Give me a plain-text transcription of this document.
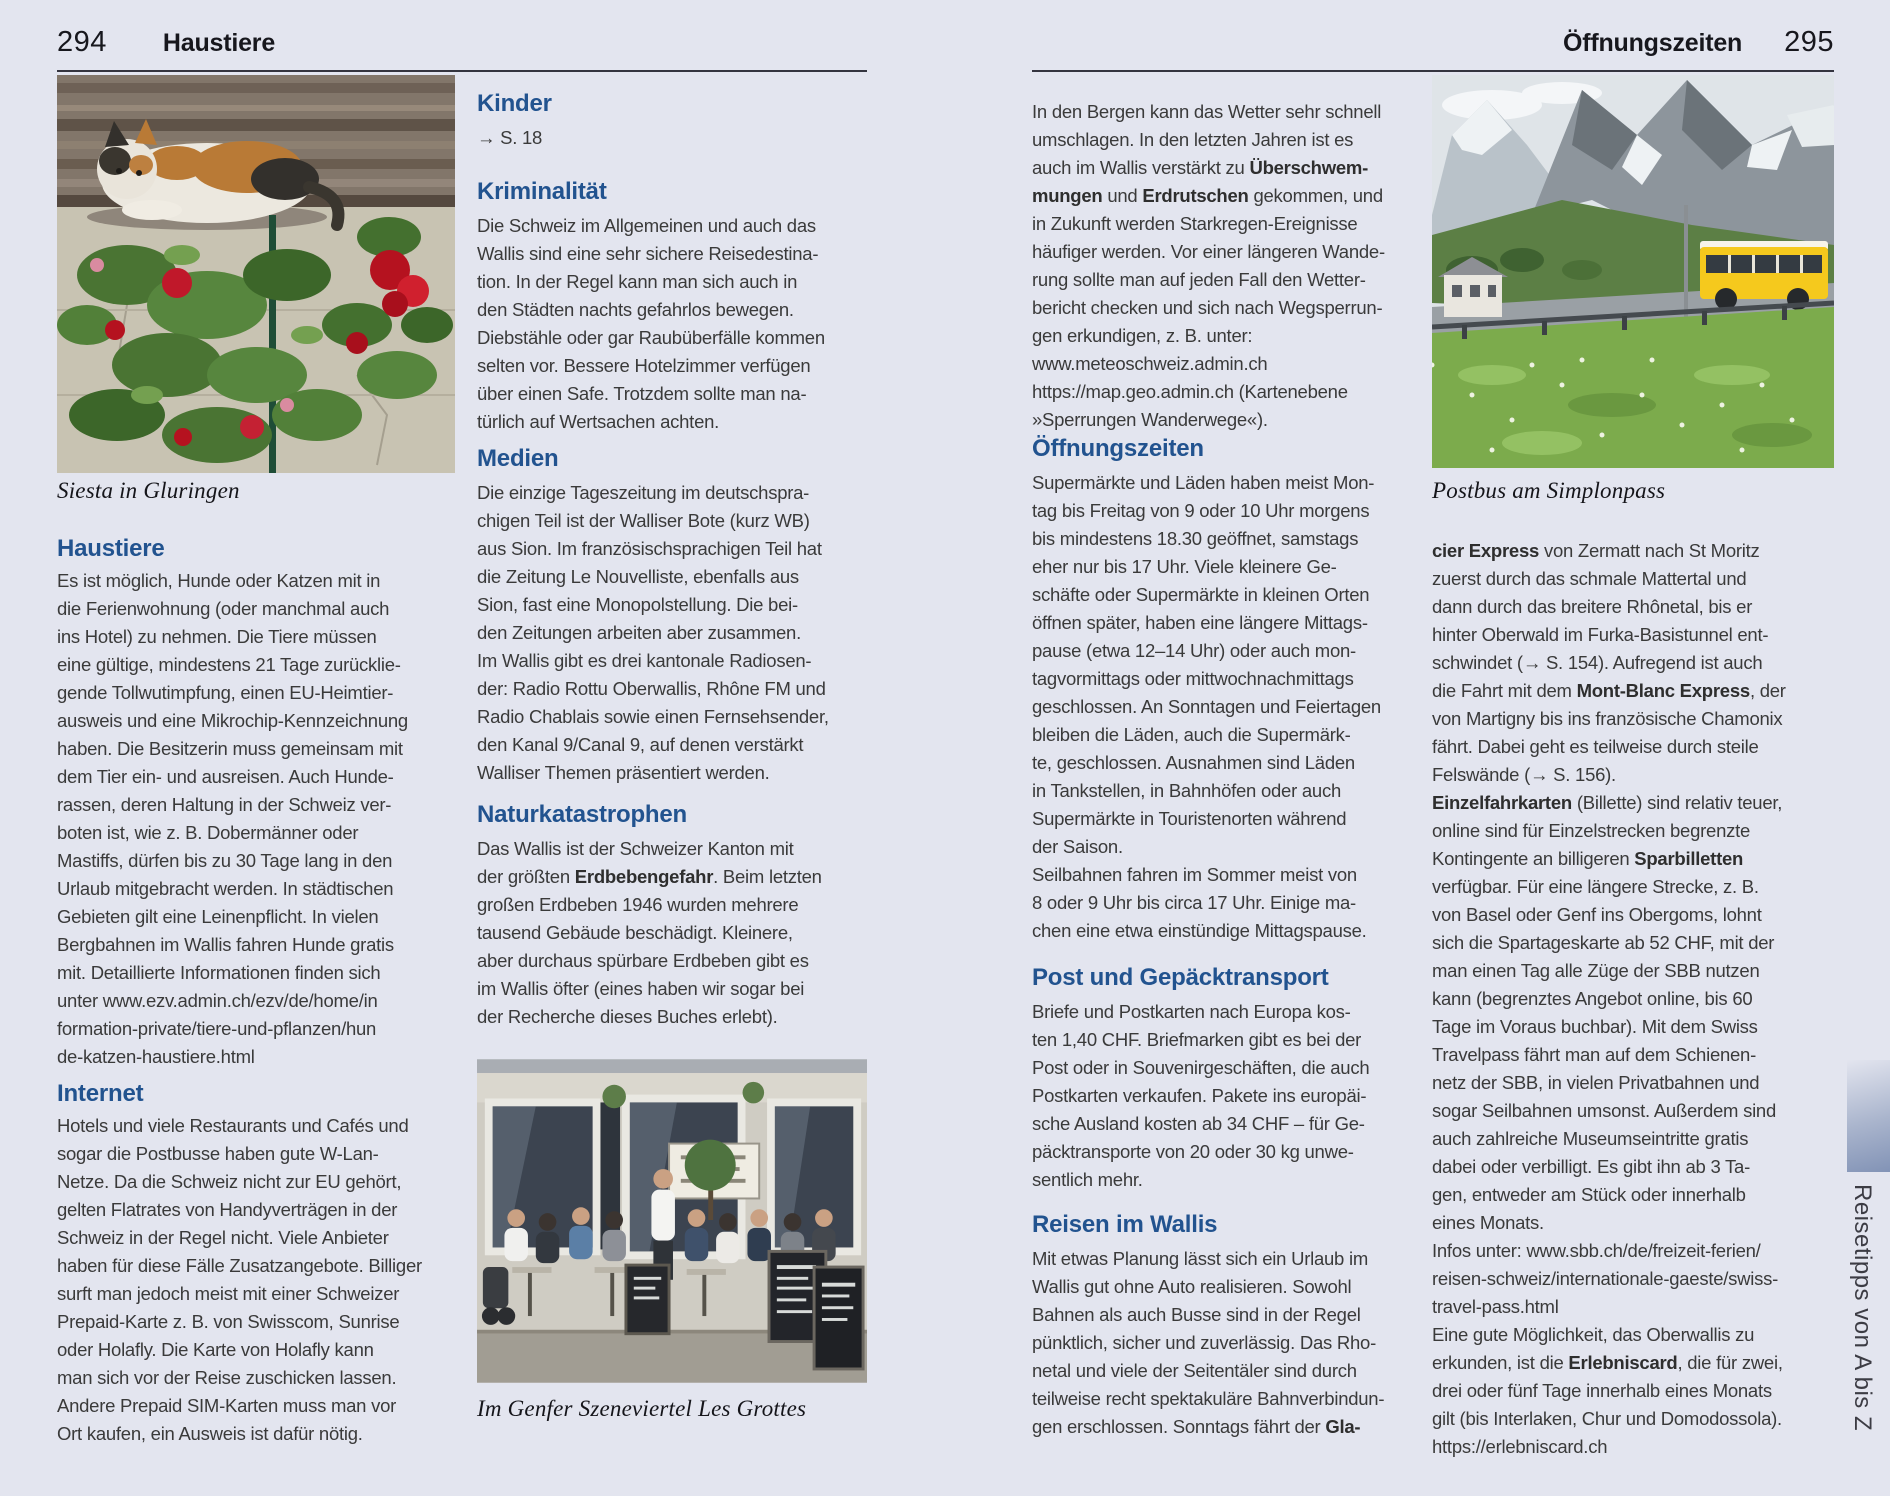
294 Haustiere	Öffnungszeiten 295
Siesta in Gluringen
Haustiere
Es ist möglich, Hunde oder Katzen mit in
die Ferienwohnung (oder manchmal auch
ins Hotel) zu nehmen. Die Tiere müssen
eine gültige, mindestens 21 Tage zurücklie-
gende Tollwutimpfung, einen EU-Heimtier-
ausweis und eine Mikrochip-Kennzeichnung
haben. Die Besitzerin muss gemeinsam mit
dem Tier ein- und ausreisen. Auch Hunde-
rassen, deren Haltung in der Schweiz ver-
boten ist, wie z. B. Dobermänner oder
Mastiffs, dürfen bis zu 30 Tage lang in den
Urlaub mitgebracht werden. In städtischen
Gebieten gilt eine Leinenpflicht. In vielen
Bergbahnen im Wallis fahren Hunde gratis
mit. Detaillierte Informationen finden sich
unter www.ezv.admin.ch/ezv/de/home/in
formation-private/tiere-und-pflanzen/hun
de-katzen-haustiere.html
Internet
Hotels und viele Restaurants und Cafés und
sogar die Postbusse haben gute W-Lan-
Netze. Da die Schweiz nicht zur EU gehört,
gelten Flatrates von Handyverträgen in der
Schweiz in der Regel nicht. Viele Anbieter
haben für diese Fälle Zusatzangebote. Billiger
surft man jedoch meist mit einer Schweizer
Prepaid-Karte z. B. von Swisscom, Sunrise
oder Holafly. Die Karte von Holafly kann
man sich vor der Reise zuschicken lassen.
Andere Prepaid SIM-Karten muss man vor
Ort kaufen, ein Ausweis ist dafür nötig.
Kinder
→ S. 18
Kriminalität
Die Schweiz im Allgemeinen und auch das
Wallis sind eine sehr sichere Reisedestina-
tion. In der Regel kann man sich auch in
den Städten nachts gefahrlos bewegen.
Diebstähle oder gar Raubüberfälle kommen
selten vor. Bessere Hotelzimmer verfügen
über einen Safe. Trotzdem sollte man na-
türlich auf Wertsachen achten.
Medien
Die einzige Tageszeitung im deutschspra-
chigen Teil ist der Walliser Bote (kurz WB)
aus Sion. Im französischsprachigen Teil hat
die Zeitung Le Nouvelliste, ebenfalls aus
Sion, fast eine Monopolstellung. Die bei-
den Zeitungen arbeiten aber zusammen.
Im Wallis gibt es drei kantonale Radiosen-
der: Radio Rottu Oberwallis, Rhône FM und
Radio Chablais sowie einen Fernsehsender,
den Kanal 9/Canal 9, auf denen verstärkt
Walliser Themen präsentiert werden.
Naturkatastrophen
Das Wallis ist der Schweizer Kanton mit
der größten Erdbebengefahr. Beim letzten
großen Erdbeben 1946 wurden mehrere
tausend Gebäude beschädigt. Kleinere,
aber durchaus spürbare Erdbeben gibt es
im Wallis öfter (eines haben wir sogar bei
der Recherche dieses Buches erlebt).
Im Genfer Szeneviertel Les Grottes
In den Bergen kann das Wetter sehr schnell
umschlagen. In den letzten Jahren ist es
auch im Wallis verstärkt zu Überschwem-
mungen und Erdrutschen gekommen, und
in Zukunft werden Starkregen-Ereignisse
häufiger werden. Vor einer längeren Wande-
rung sollte man auf jeden Fall den Wetter-
bericht checken und sich nach Wegsperrun-
gen erkundigen, z. B. unter:
www.meteoschweiz.admin.ch
https://map.geo.admin.ch (Kartenebene
»Sperrungen Wanderwege«).
Öffnungszeiten
Supermärkte und Läden haben meist Mon-
tag bis Freitag von 9 oder 10 Uhr morgens
bis mindestens 18.30 geöffnet, samstags
eher nur bis 17 Uhr. Viele kleinere Ge-
schäfte oder Supermärkte in kleinen Orten
öffnen später, haben eine längere Mittags-
pause (etwa 12–14 Uhr) oder auch mon-
tagvormittags oder mittwochnachmittags
geschlossen. An Sonntagen und Feiertagen
bleiben die Läden, auch die Supermärk-
te, geschlossen. Ausnahmen sind Läden
in Tankstellen, in Bahnhöfen oder auch
Supermärkte in Touristenorten während
der Saison.
Seilbahnen fahren im Sommer meist von
8 oder 9 Uhr bis circa 17 Uhr. Einige ma-
chen eine etwa einstündige Mittagspause.
Post und Gepäcktransport
Briefe und Postkarten nach Europa kos-
ten 1,40 CHF. Briefmarken gibt es bei der
Post oder in Souvenirgeschäften, die auch
Postkarten verkaufen. Pakete ins europäi-
sche Ausland kosten ab 34 CHF – für Ge-
päcktransporte von 20 oder 30 kg unwe-
sentlich mehr.
Reisen im Wallis
Mit etwas Planung lässt sich ein Urlaub im
Wallis gut ohne Auto realisieren. Sowohl
Bahnen als auch Busse sind in der Regel
pünktlich, sicher und zuverlässig. Das Rho-
netal und viele der Seitentäler sind durch
teilweise recht spektakuläre Bahnverbindun-
gen erschlossen. Sonntags fährt der Gla-
Postbus am Simplonpass
cier Express von Zermatt nach St Moritz
zuerst durch das schmale Mattertal und
dann durch das breitere Rhônetal, bis er
hinter Oberwald im Furka-Basistunnel ent-
schwindet (→ S. 154). Aufregend ist auch
die Fahrt mit dem Mont-Blanc Express, der
von Martigny bis ins französische Chamonix
fährt. Dabei geht es teilweise durch steile
Felswände (→ S. 156).
Einzelfahrkarten (Billette) sind relativ teuer,
online sind für Einzelstrecken begrenzte
Kontingente an billigeren Sparbilletten
verfügbar. Für eine längere Strecke, z. B.
von Basel oder Genf ins Obergoms, lohnt
sich die Spartageskarte ab 52 CHF, mit der
man einen Tag alle Züge der SBB nutzen
kann (begrenztes Angebot online, bis 60
Tage im Voraus buchbar). Mit dem Swiss
Travelpass fährt man auf dem Schienen-
netz der SBB, in vielen Privatbahnen und
sogar Seilbahnen umsonst. Außerdem sind
auch zahlreiche Museumseintritte gratis
dabei oder verbilligt. Es gibt ihn ab 3 Ta-
gen, entweder am Stück oder innerhalb
eines Monats.
Infos unter: www.sbb.ch/de/freizeit-ferien/
reisen-schweiz/internationale-gaeste/swiss-
travel-pass.html
Eine gute Möglichkeit, das Oberwallis zu
erkunden, ist die Erlebniscard, die für zwei,
drei oder fünf Tage innerhalb eines Monats
gilt (bis Interlaken, Chur und Domodossola).
https://erlebniscard.ch
Reisetipps von A bis Z
